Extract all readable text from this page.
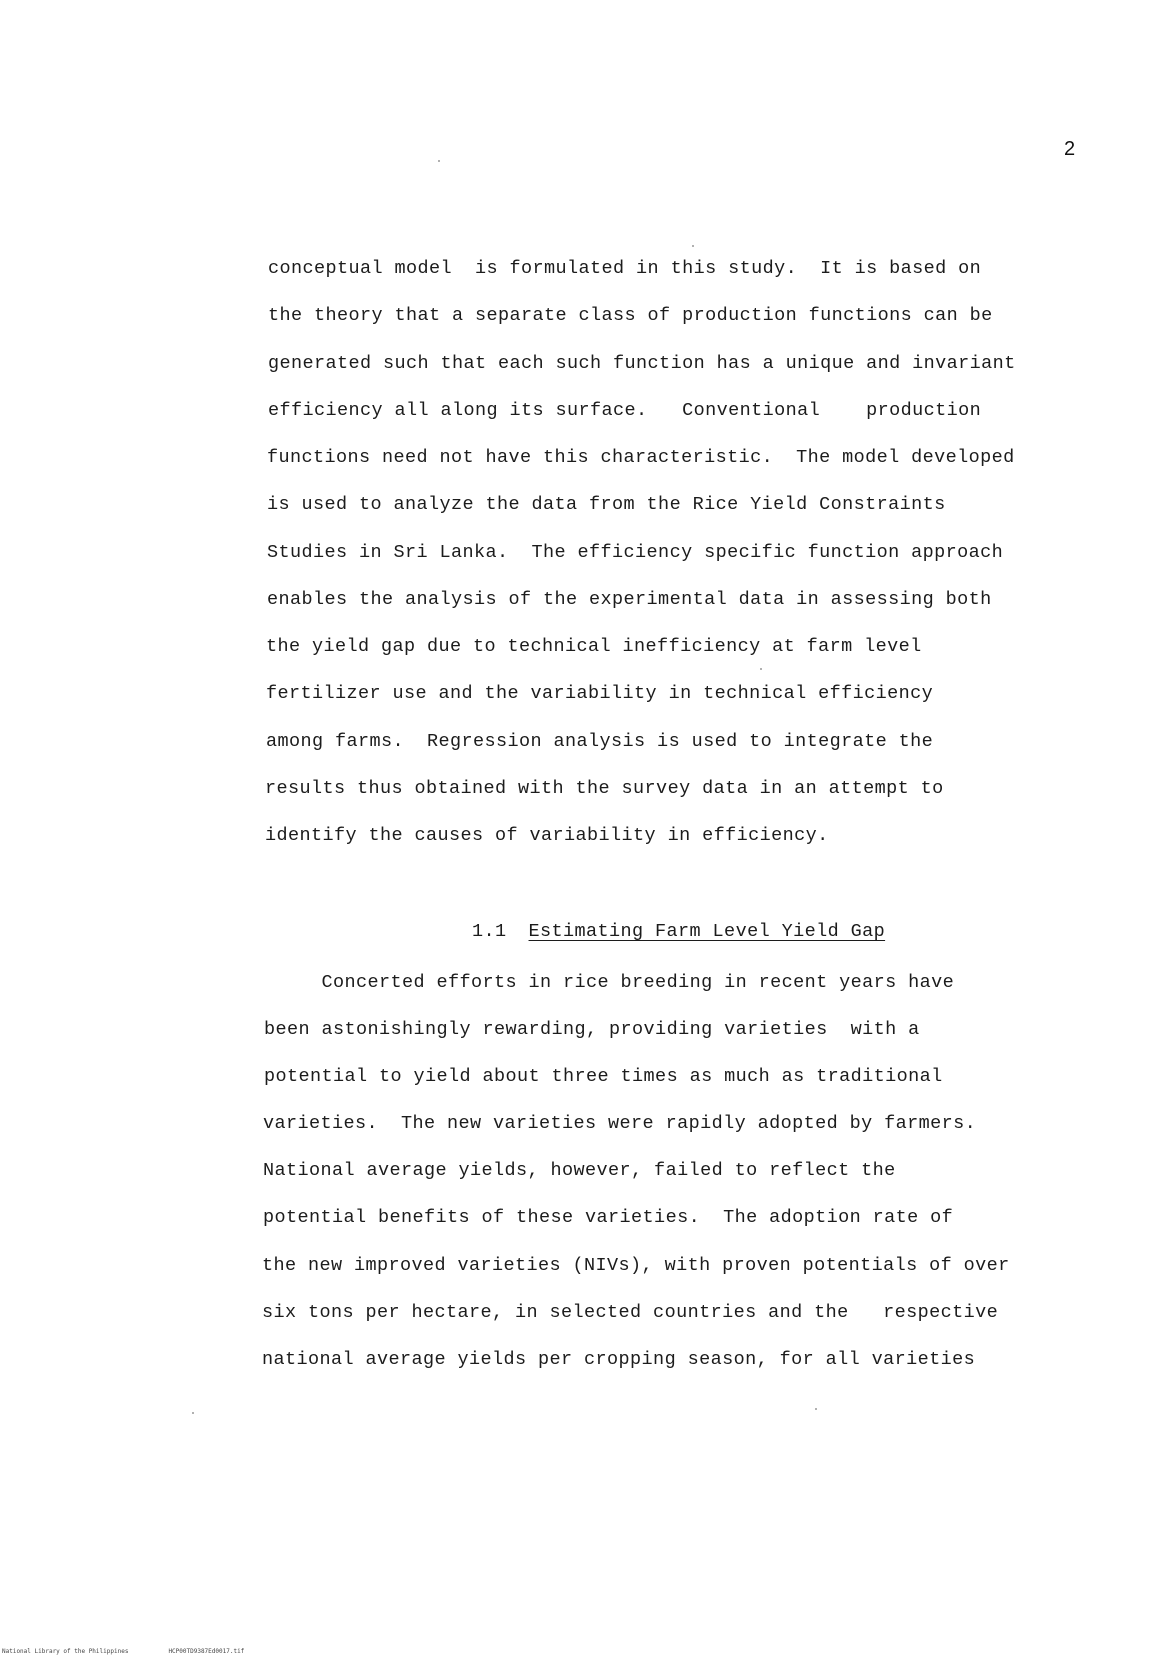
2
conceptual model  is formulated in this study.  It is based on
the theory that a separate class of production functions can be
generated such that each such function has a unique and invariant
efficiency all along its surface.   Conventional    production
functions need not have this characteristic.  The model developed
is used to analyze the data from the Rice Yield Constraints
Studies in Sri Lanka.  The efficiency specific function approach
enables the analysis of the experimental data in assessing both
the yield gap due to technical inefficiency at farm level
fertilizer use and the variability in technical efficiency
among farms.  Regression analysis is used to integrate the
results thus obtained with the survey data in an attempt to
identify the causes of variability in efficiency.

1.1 Estimating Farm Level Yield Gap

Concerted efforts in rice breeding in recent years have
been astonishingly rewarding, providing varieties  with a
potential to yield about three times as much as traditional
varieties.  The new varieties were rapidly adopted by farmers.
National average yields, however, failed to reflect the
potential benefits of these varieties.  The adoption rate of
the new improved varieties (NIVs), with proven potentials of over
six tons per hectare, in selected countries and the   respective
national average yields per cropping season, for all varieties
National Library of the Philippines	HCP00TD9387Ed0017.tif
